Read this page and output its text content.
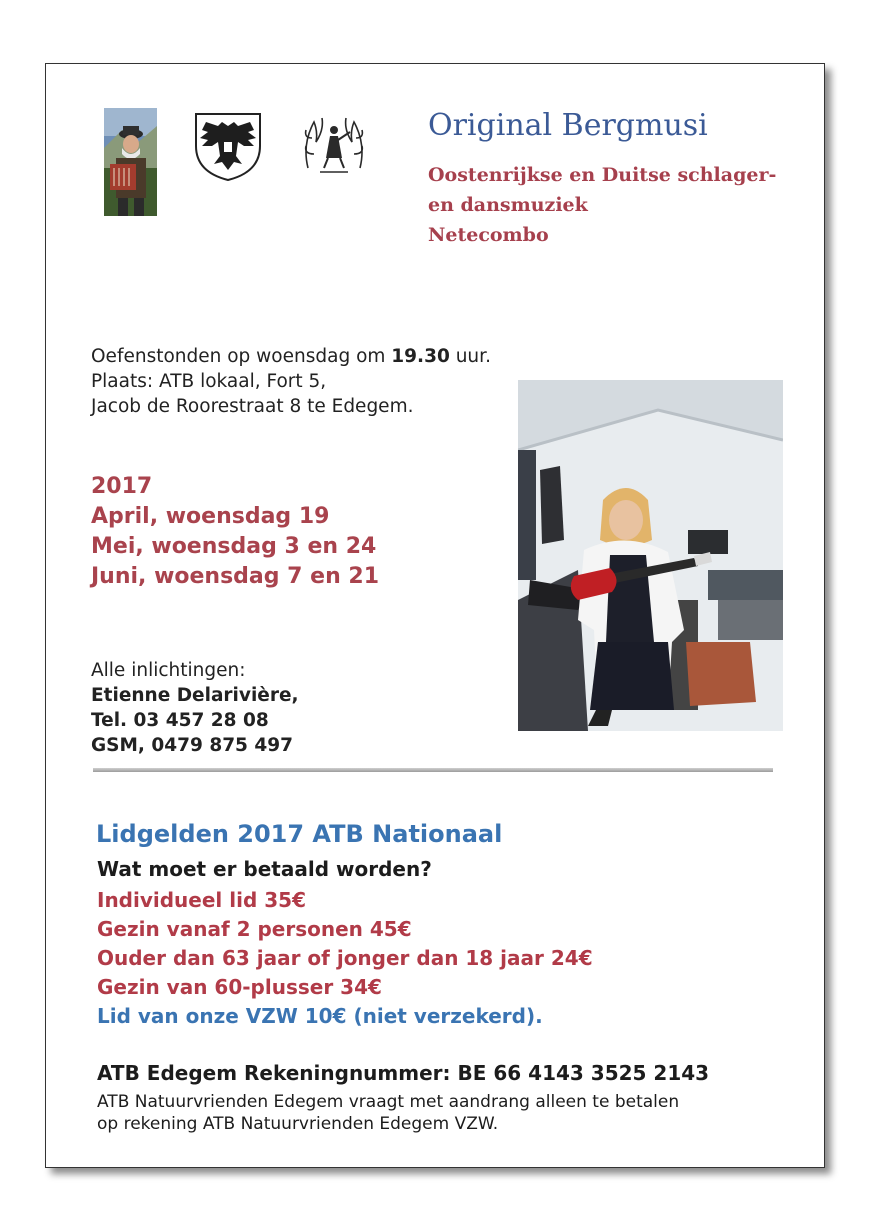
Original Bergmusi
Oostenrijkse en Duitse schlager-
en dansmuziek
Netecombo
Oefenstonden op woensdag om 19.30 uur.
Plaats: ATB lokaal, Fort 5,
Jacob de Roorestraat 8 te Edegem.
2017
April, woensdag 19
Mei, woensdag 3 en 24
Juni, woensdag 7 en 21
Alle inlichtingen:
Etienne Delarivière,
Tel. 03 457 28 08
GSM, 0479 875 497
Lidgelden 2017 ATB Nationaal
Wat moet er betaald worden?
Individueel lid 35€
Gezin vanaf 2 personen 45€
Ouder dan 63 jaar of jonger dan 18 jaar 24€
Gezin van 60-plusser 34€
Lid van onze VZW 10€ (niet verzekerd).
ATB Edegem Rekeningnummer: BE 66 4143 3525 2143
ATB Natuurvrienden Edegem vraagt met aandrang alleen te betalen
op rekening ATB Natuurvrienden Edegem VZW.
